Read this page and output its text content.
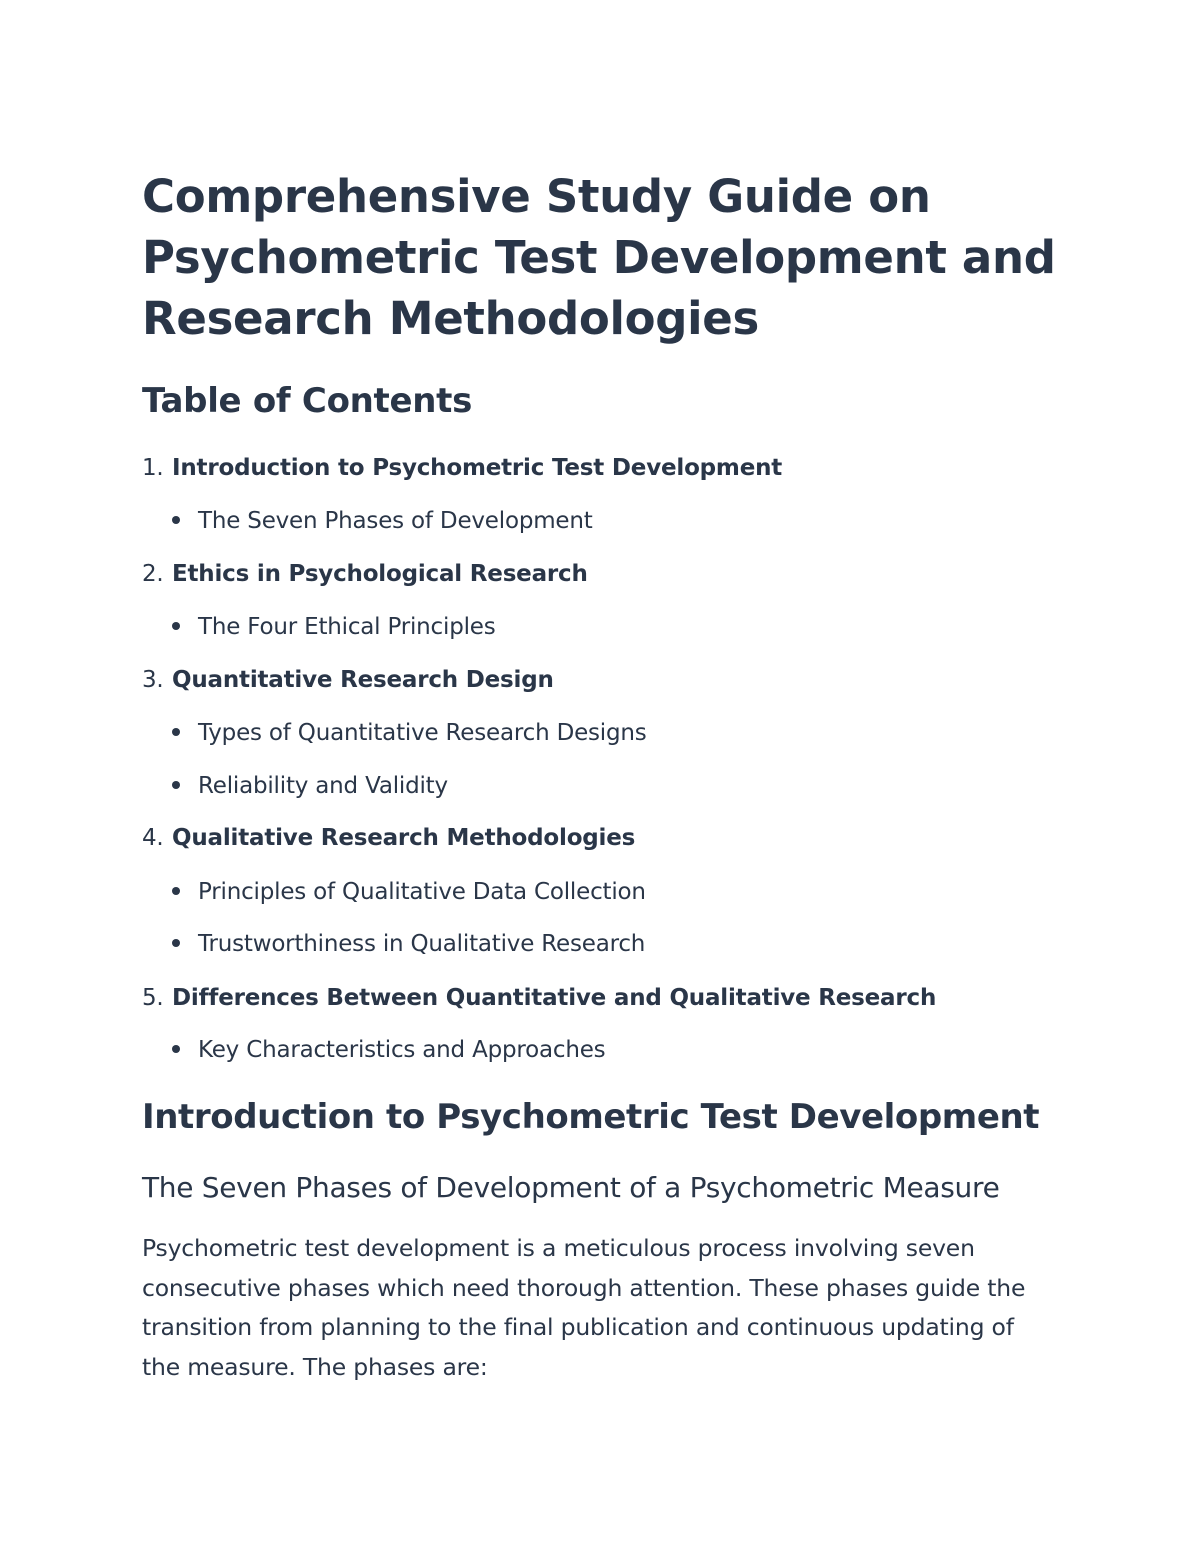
Comprehensive Study Guide on Psychometric Test Development and Research Methodologies
Table of Contents
1. Introduction to Psychometric Test Development
The Seven Phases of Development
2. Ethics in Psychological Research
The Four Ethical Principles
3. Quantitative Research Design
Types of Quantitative Research Designs
Reliability and Validity
4. Qualitative Research Methodologies
Principles of Qualitative Data Collection
Trustworthiness in Qualitative Research
5. Differences Between Quantitative and Qualitative Research
Key Characteristics and Approaches
Introduction to Psychometric Test Development
The Seven Phases of Development of a Psychometric Measure

Psychometric test development is a meticulous process involving seven consecutive phases which need thorough attention. These phases guide the transition from planning to the final publication and continuous updating of the measure. The phases are:
